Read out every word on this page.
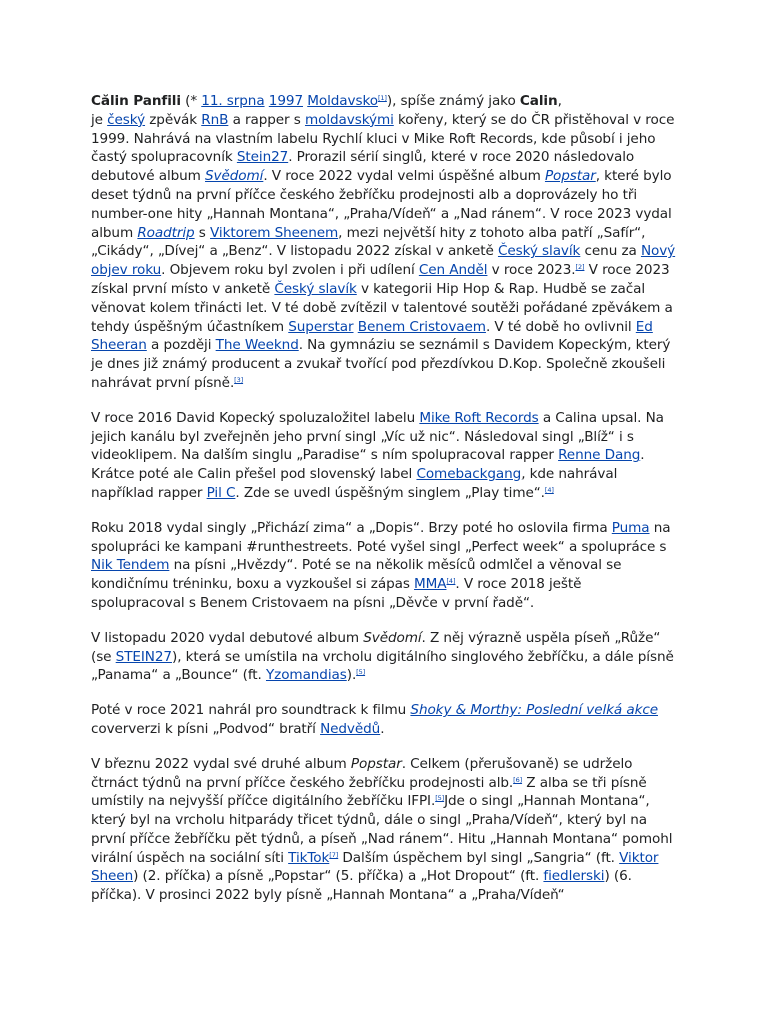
Călin Panfili (* 11. srpna 1997 Moldavsko[1]), spíše známý jako Calin,
je český zpěvák RnB a rapper s moldavskými kořeny, který se do ČR přistěhoval v roce 1999. Nahrává na vlastním labelu Rychlí kluci v Mike Roft Records, kde působí i jeho častý spolupracovník Stein27. Prorazil sérií singlů, které v roce 2020 následovalo debutové album Svědomí. V roce 2022 vydal velmi úspěšné album Popstar, které bylo deset týdnů na první příčce českého žebříčku prodejnosti alb a doprovázely ho tři number-one hity „Hannah Montana“, „Praha/Vídeň“ a „Nad ránem“. V roce 2023 vydal
album Roadtrip s Viktorem Sheenem, mezi největší hity z tohoto alba patří „Safír“, „Cikády“, „Dívej“ a „Benz“. V listopadu 2022 získal v anketě Český slavík cenu za Nový objev roku. Objevem roku byl zvolen i při udílení Cen Anděl v roce 2023.[2] V roce 2023 získal první místo v anketě Český slavík v kategorii Hip Hop & Rap. Hudbě se začal věnovat kolem třinácti let. V té době zvítězil v talentové soutěži pořádané zpěvákem a tehdy úspěšným účastníkem Superstar Benem Cristovaem. V té době ho ovlivnil Ed Sheeran a později The Weeknd. Na gymnáziu se seznámil s Davidem Kopeckým, který je dnes již známý producent a zvukař tvořící pod přezdívkou D.Kop. Společně zkoušeli nahrávat první písně.[3]

V roce 2016 David Kopecký spoluzaložitel labelu Mike Roft Records a Calina upsal. Na jejich kanálu byl zveřejněn jeho první singl „Víc už nic“. Následoval singl „Blíž“ i s videoklipem. Na dalším singlu „Paradise“ s ním spolupracoval rapper Renne Dang. Krátce poté ale Calin přešel pod slovenský label Comebackgang, kde nahrával například rapper Pil C. Zde se uvedl úspěšným singlem „Play time“.[4]

Roku 2018 vydal singly „Přichází zima“ a „Dopis“. Brzy poté ho oslovila firma Puma na spolupráci ke kampani #runthestreets. Poté vyšel singl „Perfect week“ a spolupráce s Nik Tendem na písni „Hvězdy“. Poté se na několik měsíců odmlčel a věnoval se kondičnímu tréninku, boxu a vyzkoušel si zápas MMA[4]. V roce 2018 ještě spolupracoval s Benem Cristovaem na písni „Děvče v první řadě“.

V listopadu 2020 vydal debutové album Svědomí. Z něj výrazně uspěla píseň „Růže“ (se STEIN27), která se umístila na vrcholu digitálního singlového žebříčku, a dále písně „Panama“ a „Bounce“ (ft. Yzomandias).[5]

Poté v roce 2021 nahrál pro soundtrack k filmu Shoky & Morthy: Poslední velká akce coververzi k písni „Podvod“ bratří Nedvědů.

V březnu 2022 vydal své druhé album Popstar. Celkem (přerušovaně) se udrželo čtrnáct týdnů na první příčce českého žebříčku prodejnosti alb.[6] Z alba se tři písně umístily na nejvyšší příčce digitálního žebříčku IFPI.[5]Jde o singl „Hannah Montana“, který byl na vrcholu hitparády třicet týdnů, dále o singl „Praha/Vídeň“, který byl na první příčce žebříčku pět týdnů, a píseň „Nad ránem“. Hitu „Hannah Montana“ pomohl virální úspěch na sociální síti TikTok[7] Dalším úspěchem byl singl „Sangria“ (ft. Viktor Sheen) (2. příčka) a písně „Popstar“ (5. příčka) a „Hot Dropout“ (ft. fiedlerski) (6. příčka). V prosinci 2022 byly písně „Hannah Montana“ a „Praha/Vídeň“
